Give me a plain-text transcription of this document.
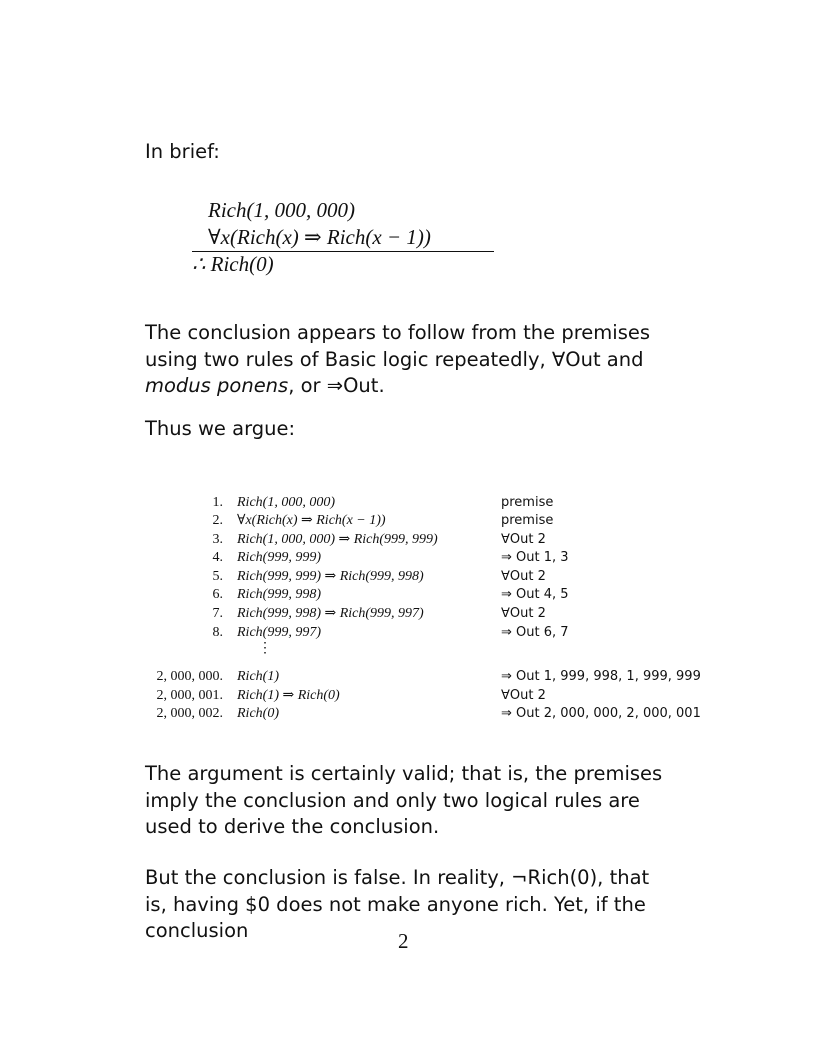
In brief:
Rich(1, 000, 000)
∀x(Rich(x) ⇒ Rich(x − 1))
∴ Rich(0)
The conclusion appears to follow from the premises using two rules of Basic logic repeatedly, ∀Out and modus ponens, or ⇒Out.
Thus we argue:
1. Rich(1, 000, 000)	premise
2. ∀x(Rich(x) ⇒ Rich(x − 1))	premise
3. Rich(1, 000, 000) ⇒ Rich(999, 999)	∀Out 2
4. Rich(999, 999)	⇒ Out 1, 3
5. Rich(999, 999) ⇒ Rich(999, 998)	∀Out 2
6. Rich(999, 998)	⇒ Out 4, 5
7. Rich(999, 998) ⇒ Rich(999, 997)	∀Out 2
8. Rich(999, 997)	⇒ Out 6, 7
2, 000, 000. Rich(1)	⇒ Out 1, 999, 998, 1, 999, 999
2, 000, 001. Rich(1) ⇒ Rich(0)	∀Out 2
2, 000, 002. Rich(0)	⇒ Out 2, 000, 000, 2, 000, 001
⋮
The argument is certainly valid; that is, the premises imply the conclusion and only two logical rules are used to derive the conclusion.
But the conclusion is false. In reality, ¬Rich(0), that is, having $0 does not make anyone rich. Yet, if the conclusion	2
